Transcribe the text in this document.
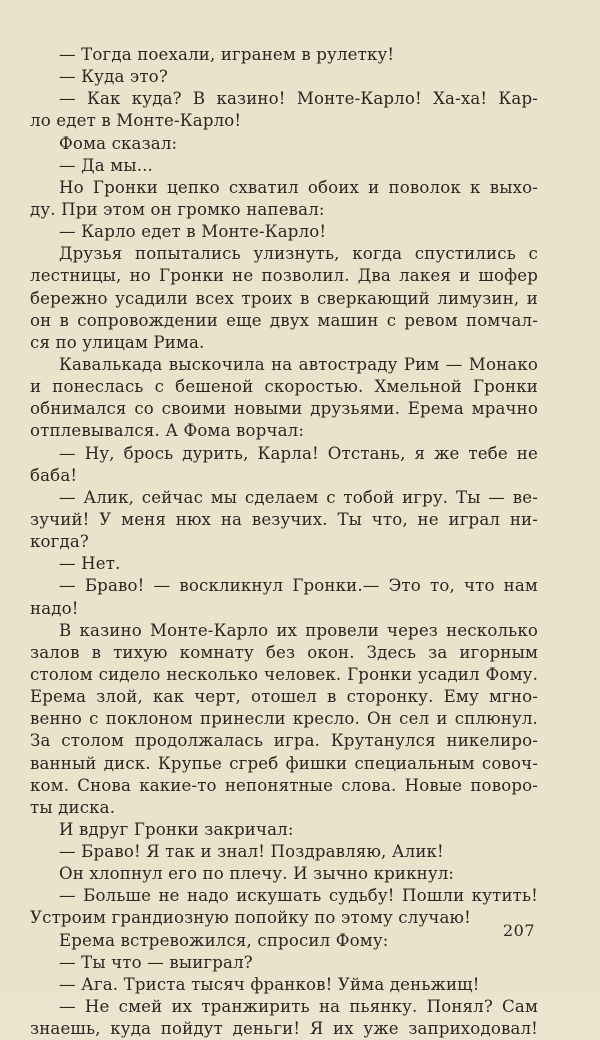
— Тогда поехали, игранем в рулетку!
— Куда это?
— Как куда? В казино! Монте-Карло! Ха-ха! Кар-
ло едет в Монте-Карло!
Фома сказал:
— Да мы...
Но Гронки цепко схватил обоих и поволок к выхо-
ду. При этом он громко напевал:
— Карло едет в Монте-Карло!
Друзья попытались улизнуть, когда спустились с
лестницы, но Гронки не позволил. Два лакея и шофер
бережно усадили всех троих в сверкающий лимузин, и
он в сопровождении еще двух машин с ревом помчал-
ся по улицам Рима.
Кавалькада выскочила на автостраду Рим — Монако
и понеслась с бешеной скоростью. Хмельной Гронки
обнимался со своими новыми друзьями. Ерема мрачно
отплевывался. А Фома ворчал:
— Ну, брось дурить, Карла! Отстань, я же тебе не
баба!
— Алик, сейчас мы сделаем с тобой игру. Ты — ве-
зучий! У меня нюх на везучих. Ты что, не играл ни-
когда?
— Нет.
— Браво! — воскликнул Гронки.— Это то, что нам
надо!
В казино Монте-Карло их провели через несколько
залов в тихую комнату без окон. Здесь за игорным
столом сидело несколько человек. Гронки усадил Фому.
Ерема злой, как черт, отошел в сторонку. Ему мгно-
венно с поклоном принесли кресло. Он сел и сплюнул.
За столом продолжалась игра. Крутанулся никелиро-
ванный диск. Крупье сгреб фишки специальным совоч-
ком. Снова какие-то непонятные слова. Новые поворо-
ты диска.
И вдруг Гронки закричал:
— Браво! Я так и знал! Поздравляю, Алик!
Он хлопнул его по плечу. И зычно крикнул:
— Больше не надо искушать судьбу! Пошли кутить!
Устроим грандиозную попойку по этому случаю!
Ерема встревожился, спросил Фому:
— Ты что — выиграл?
— Ага. Триста тысяч франков! Уйма деньжищ!
— Не смей их транжирить на пьянку. Понял? Сам
знаешь, куда пойдут деньги! Я их уже заприходовал!
207
